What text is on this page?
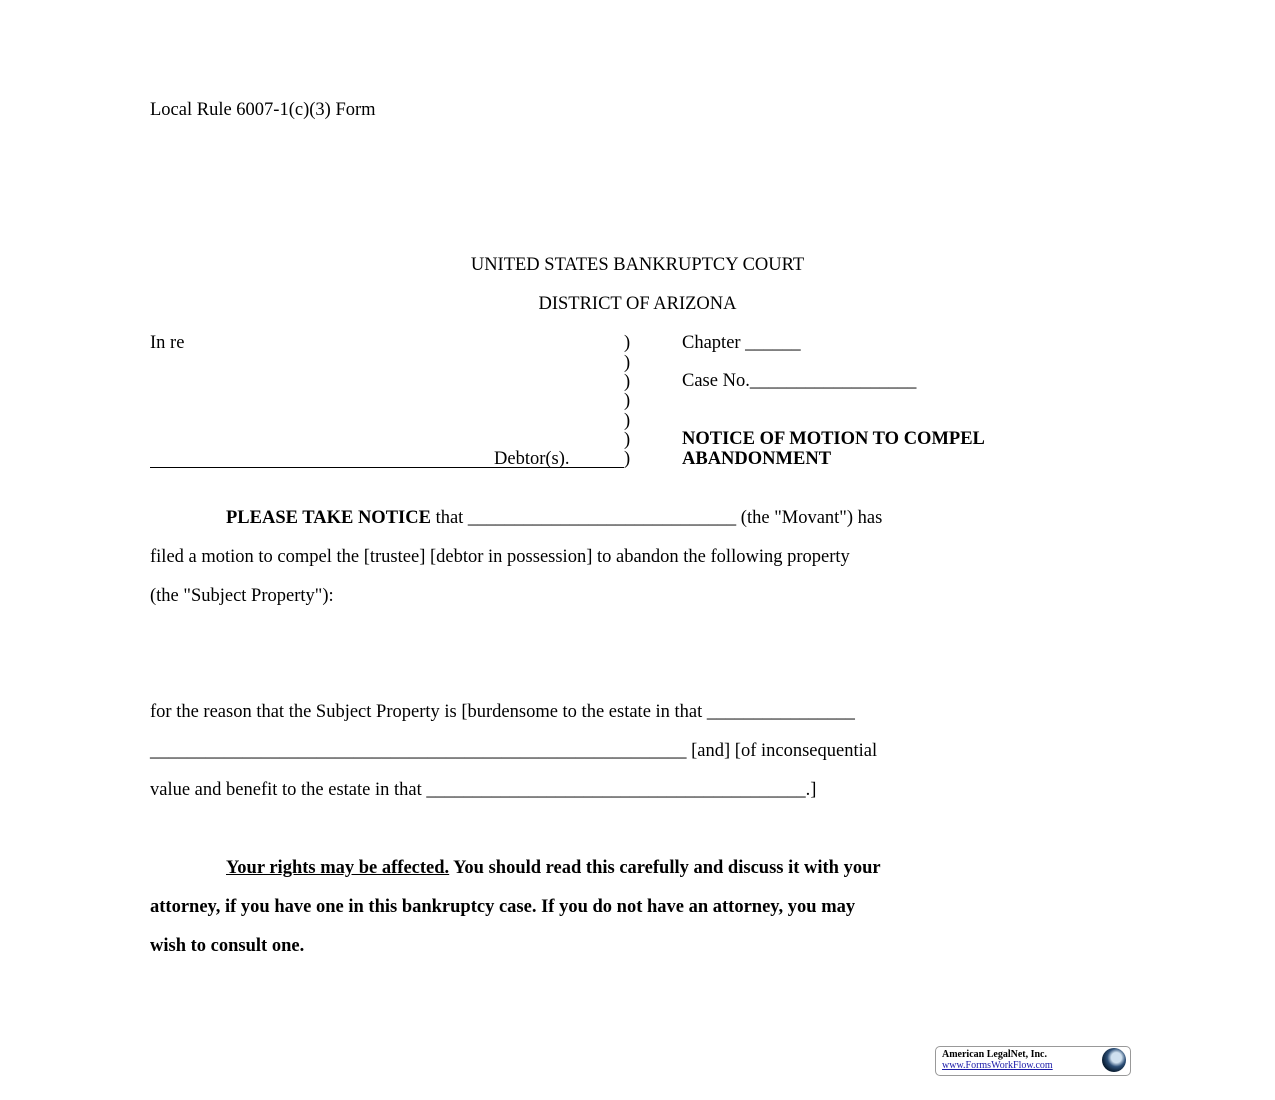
Local Rule 6007-1(c)(3) Form
UNITED STATES BANKRUPTCY COURT
DISTRICT OF ARIZONA
In re	)
)
)
)
)
)
)
Debtor(s).
Chapter ______
Case No.__________________
NOTICE OF MOTION TO COMPEL
ABANDONMENT
PLEASE TAKE NOTICE that _____________________________ (the "Movant") has
filed a motion to compel the [trustee] [debtor in possession] to abandon the following property
(the "Subject Property"):
for the reason that the Subject Property is [burdensome to the estate in that ________________
__________________________________________________________ [and] [of inconsequential
value and benefit to the estate in that _________________________________________.]
Your rights may be affected. You should read this carefully and discuss it with your
attorney, if you have one in this bankruptcy case. If you do not have an attorney, you may
wish to consult one.
American LegalNet, Inc.
www.FormsWorkFlow.com
